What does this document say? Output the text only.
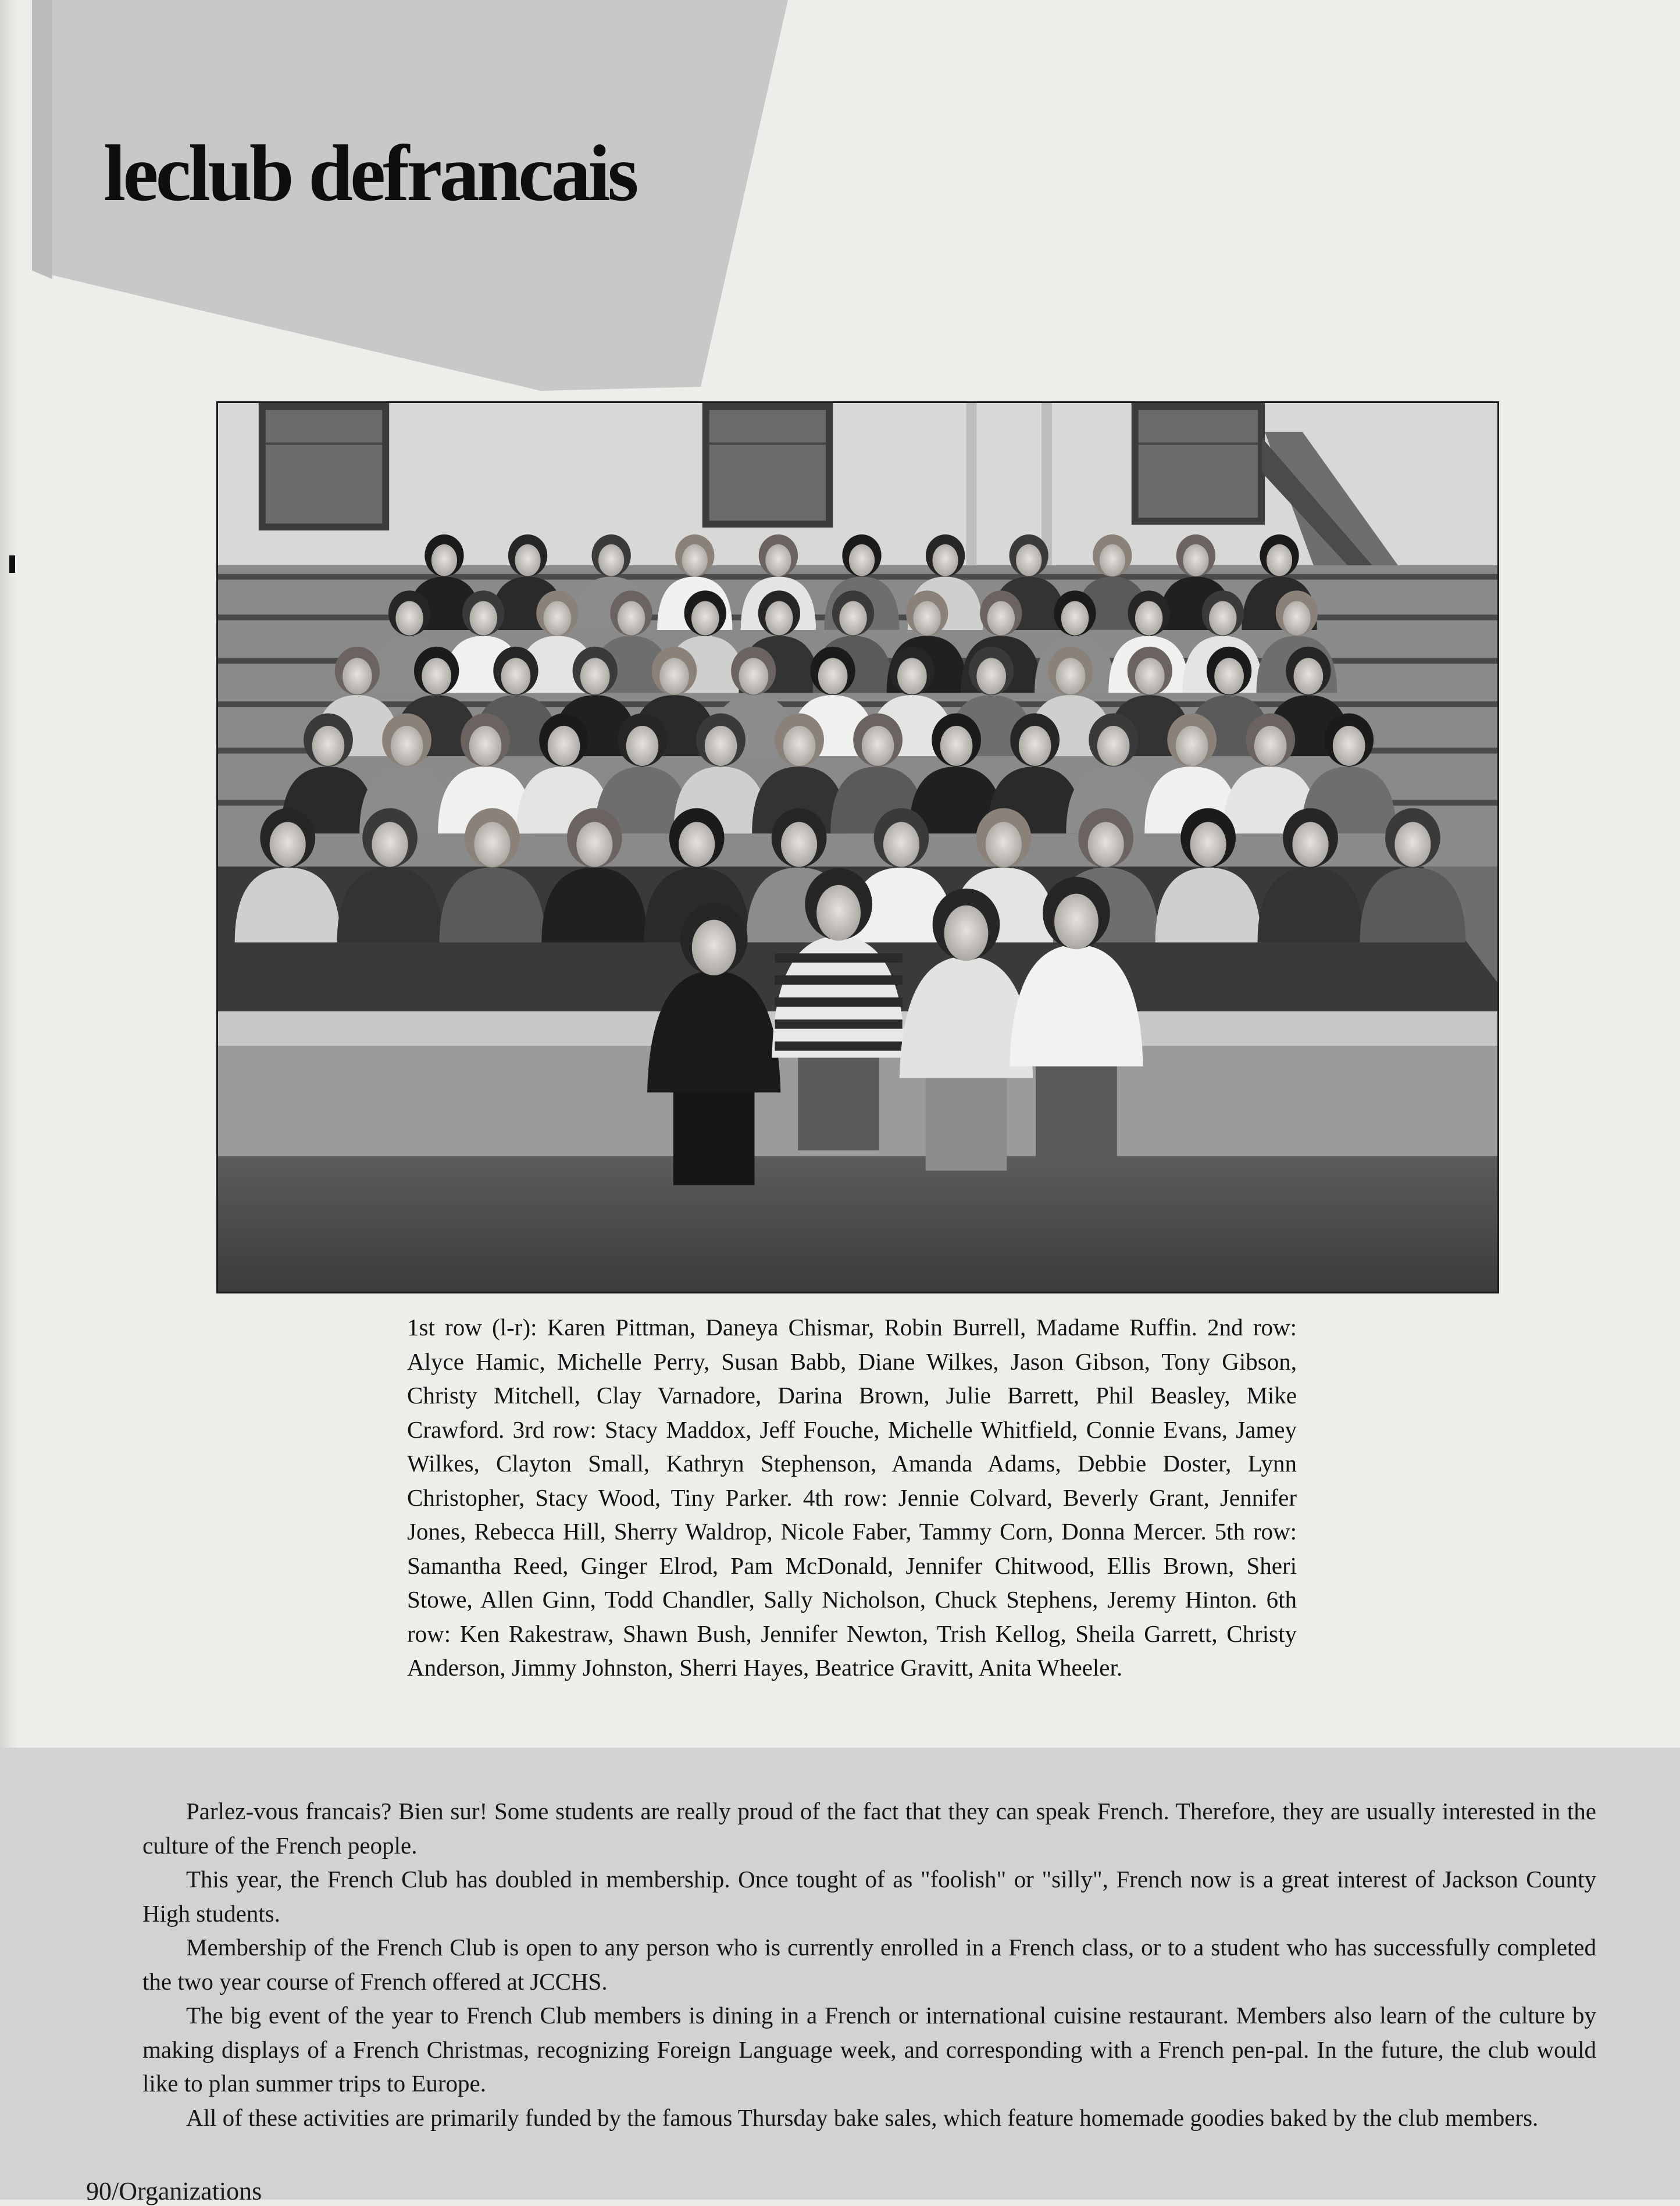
leclub defrancais

1st row (l-r): Karen Pittman, Daneya Chismar, Robin Burrell, Madame Ruffin. 2nd row: Alyce Hamic, Michelle Perry, Susan Babb, Diane Wilkes, Jason Gibson, Tony Gibson, Christy Mitchell, Clay Varnadore, Darina Brown, Julie Barrett, Phil Beasley, Mike Crawford. 3rd row: Stacy Maddox, Jeff Fouche, Michelle Whitfield, Connie Evans, Jamey Wilkes, Clayton Small, Kathryn Stephenson, Amanda Adams, Debbie Doster, Lynn Christopher, Stacy Wood, Tiny Parker. 4th row: Jennie Colvard, Beverly Grant, Jennifer Jones, Rebecca Hill, Sherry Waldrop, Nicole Faber, Tammy Corn, Donna Mercer. 5th row: Samantha Reed, Ginger Elrod, Pam McDonald, Jennifer Chitwood, Ellis Brown, Sheri Stowe, Allen Ginn, Todd Chandler, Sally Nicholson, Chuck Stephens, Jeremy Hinton. 6th row: Ken Rakestraw, Shawn Bush, Jennifer Newton, Trish Kellog, Sheila Garrett, Christy Anderson, Jimmy Johnston, Sherri Hayes, Beatrice Gravitt, Anita Wheeler.

Parlez-vous francais? Bien sur! Some students are really proud of the fact that they can speak French. Therefore, they are usually interested in the culture of the French people.

This year, the French Club has doubled in membership. Once tought of as "foolish" or "silly", French now is a great interest of Jackson County High students.

Membership of the French Club is open to any person who is currently enrolled in a French class, or to a student who has successfully completed the two year course of French offered at JCCHS.

The big event of the year to French Club members is dining in a French or international cuisine restaurant. Members also learn of the culture by making displays of a French Christmas, recognizing Foreign Language week, and corresponding with a French pen-pal. In the future, the club would like to plan summer trips to Europe.

All of these activities are primarily funded by the famous Thursday bake sales, which feature homemade goodies baked by the club members.

90/Organizations
